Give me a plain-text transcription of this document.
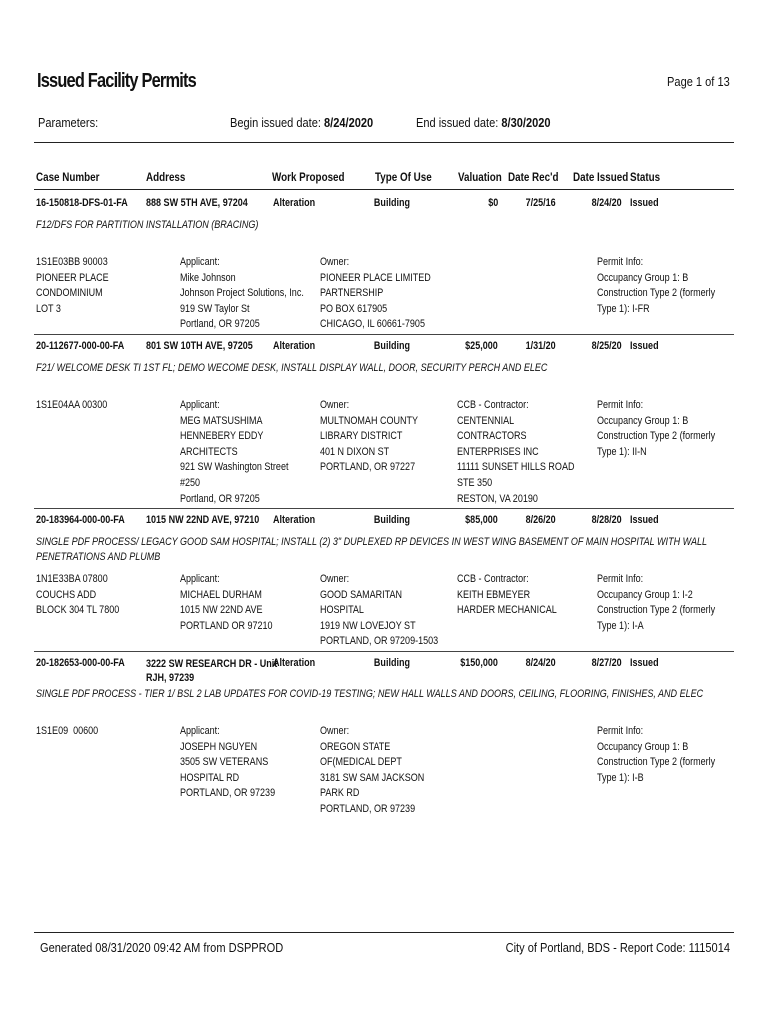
Issued Facility Permits	Page 1 of 13
Parameters:	Begin issued date: 8/24/2020	End issued date: 8/30/2020
Case Number	Address	Work Proposed	Type Of Use Valuation Date Rec'd Date Issued Status
16-150818-DFS-01-FA 888 SW 5TH AVE, 97204 Alteration	Building	$0	7/25/16	8/24/20 Issued
F12/DFS FOR PARTITION INSTALLATION (BRACING)
1S1E03BB 90003
PIONEER PLACE
CONDOMINIUM
LOT 3
Applicant:
Mike Johnson
Johnson Project Solutions, Inc.
919 SW Taylor St
Portland, OR 97205
Owner:
PIONEER PLACE LIMITED
PARTNERSHIP
PO BOX 617905
CHICAGO, IL 60661-7905
Permit Info:
Occupancy Group 1: B
Construction Type 2 (formerly
Type 1): I-FR
20-112677-000-00-FA 801 SW 10TH AVE, 97205 Alteration	Building	$25,000	1/31/20	8/25/20 Issued
F21/ WELCOME DESK TI 1ST FL; DEMO WECOME DESK, INSTALL DISPLAY WALL, DOOR, SECURITY PERCH AND ELEC
1S1E04AA 00300	Applicant:
MEG MATSUSHIMA
HENNEBERY EDDY
ARCHITECTS
921 SW Washington Street
#250
Portland, OR 97205
Owner:
MULTNOMAH COUNTY
LIBRARY DISTRICT
401 N DIXON ST
PORTLAND, OR 97227
CCB - Contractor:
CENTENNIAL
CONTRACTORS
ENTERPRISES INC
11111 SUNSET HILLS ROAD
STE 350
RESTON, VA 20190
Permit Info:
Occupancy Group 1: B
Construction Type 2 (formerly
Type 1): II-N
20-183964-000-00-FA 1015 NW 22ND AVE, 97210 Alteration	Building	$85,000	8/26/20	8/28/20 Issued
SINGLE PDF PROCESS/ LEGACY GOOD SAM HOSPITAL; INSTALL (2) 3" DUPLEXED RP DEVICES IN WEST WING BASEMENT OF MAIN HOSPITAL WITH WALL PENETRATIONS AND PLUMB
1N1E33BA 07800
COUCHS ADD
BLOCK 304 TL 7800
Applicant:
MICHAEL DURHAM
1015 NW 22ND AVE
PORTLAND OR 97210
Owner:
GOOD SAMARITAN
HOSPITAL
1919 NW LOVEJOY ST
PORTLAND, OR 97209-1503
CCB - Contractor:
KEITH EBMEYER
HARDER MECHANICAL
Permit Info:
Occupancy Group 1: I-2
Construction Type 2 (formerly
Type 1): I-A
20-182653-000-00-FA 3222 SW RESEARCH DR - Unit
RJH, 97239
Alteration	Building	$150,000	8/24/20	8/27/20 Issued
SINGLE PDF PROCESS - TIER 1/ BSL 2 LAB UPDATES FOR COVID-19 TESTING; NEW HALL WALLS AND DOORS, CEILING, FLOORING, FINISHES, AND ELEC
1S1E09  00600	Applicant:
JOSEPH NGUYEN
3505 SW VETERANS
HOSPITAL RD
PORTLAND, OR 97239
Owner:
OREGON STATE
OF(MEDICAL DEPT
3181 SW SAM JACKSON
PARK RD
PORTLAND, OR 97239
Permit Info:
Occupancy Group 1: B
Construction Type 2 (formerly
Type 1): I-B
Generated 08/31/2020 09:42 AM from DSPPROD	City of Portland, BDS - Report Code: 1115014
